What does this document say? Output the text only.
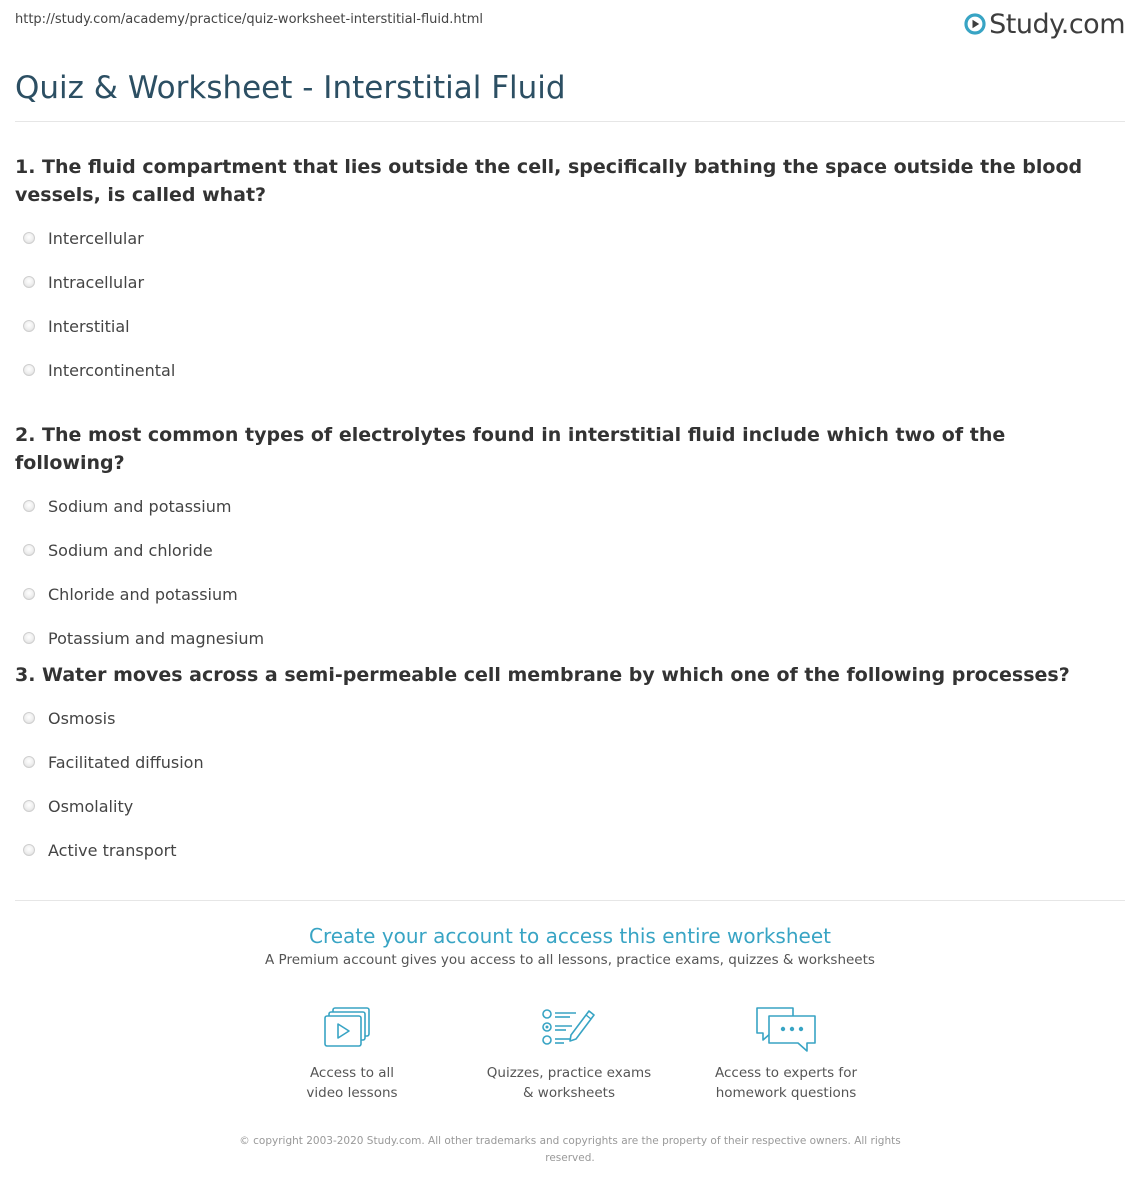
http://study.com/academy/practice/quiz-worksheet-interstitial-fluid.html	Study.com
Quiz & Worksheet - Interstitial Fluid

1. The fluid compartment that lies outside the cell, specifically bathing the space outside the blood vessels, is called what?

Intercellular
Intracellular
Interstitial
Intercontinental

2. The most common types of electrolytes found in interstitial fluid include which two of the following?

Sodium and potassium
Sodium and chloride
Chloride and potassium
Potassium and magnesium

3. Water moves across a semi-permeable cell membrane by which one of the following processes?

Osmosis
Facilitated diffusion
Osmolality
Active transport
Create your account to access this entire worksheet

A Premium account gives you access to all lessons, practice exams, quizzes & worksheets

Access to all
video lessons
Quizzes, practice exams
& worksheets
Access to experts for
homework questions
© copyright 2003-2020 Study.com. All other trademarks and copyrights are the property of their respective owners. All rights reserved.
